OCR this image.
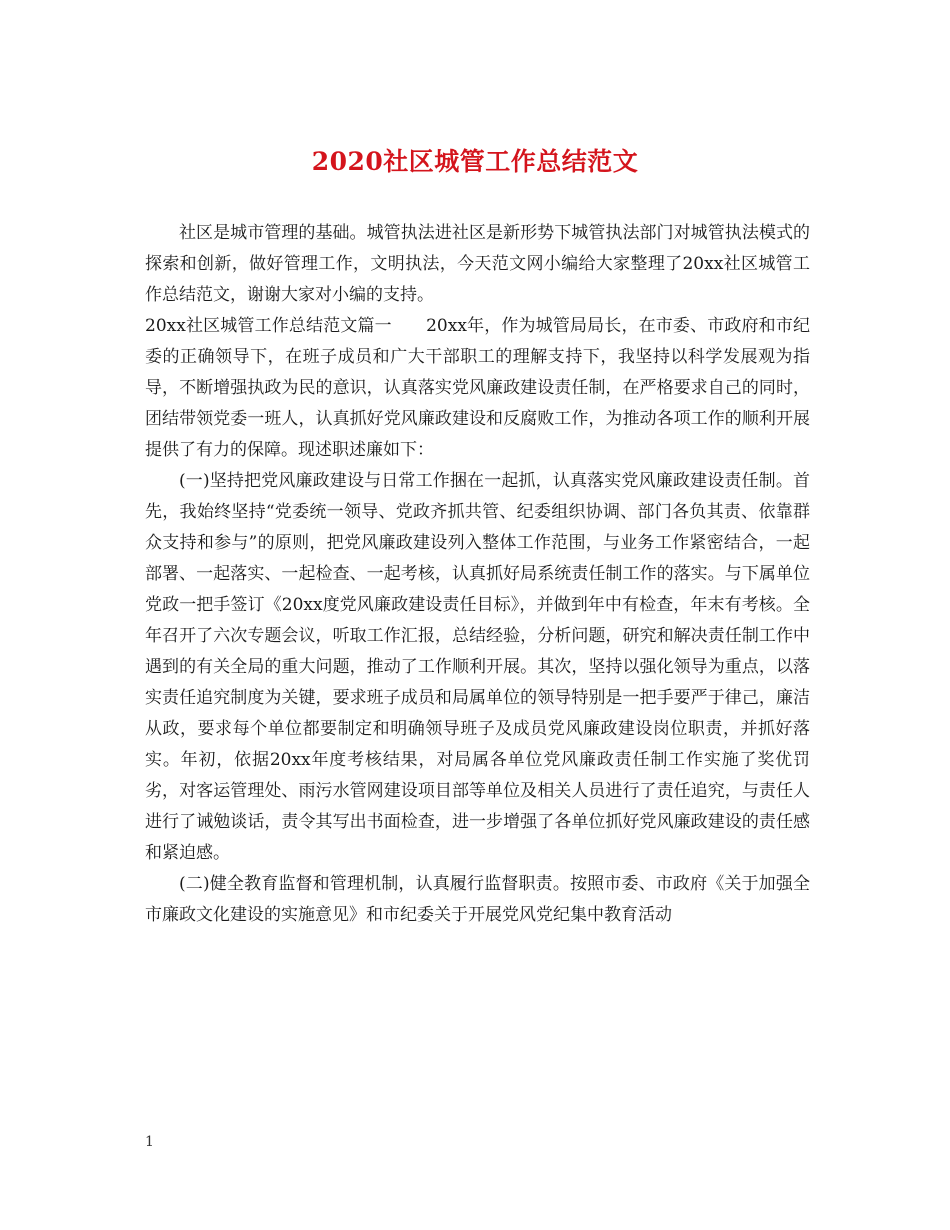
2020社区城管工作总结范文

社区是城市管理的基础。城管执法进社区是新形势下城管执法部门对城管执法模式的探索和创新，做好管理工作，文明执法，今天范文网小编给大家整理了20xx社区城管工作总结范文，谢谢大家对小编的支持。

20xx社区城管工作总结范文篇一　　20xx年，作为城管局局长，在市委、市政府和市纪委的正确领导下，在班子成员和广大干部职工的理解支持下，我坚持以科学发展观为指导，不断增强执政为民的意识，认真落实党风廉政建设责任制，在严格要求自己的同时，团结带领党委一班人，认真抓好党风廉政建设和反腐败工作，为推动各项工作的顺利开展提供了有力的保障。现述职述廉如下：

(一)坚持把党风廉政建设与日常工作捆在一起抓，认真落实党风廉政建设责任制。首先，我始终坚持“党委统一领导、党政齐抓共管、纪委组织协调、部门各负其责、依靠群众支持和参与”的原则，把党风廉政建设列入整体工作范围，与业务工作紧密结合，一起部署、一起落实、一起检查、一起考核，认真抓好局系统责任制工作的落实。与下属单位党政一把手签订《20xx度党风廉政建设责任目标》，并做到年中有检查，年末有考核。全年召开了六次专题会议，听取工作汇报，总结经验，分析问题，研究和解决责任制工作中遇到的有关全局的重大问题，推动了工作顺利开展。其次，坚持以强化领导为重点，以落实责任追究制度为关键，要求班子成员和局属单位的领导特别是一把手要严于律己，廉洁从政，要求每个单位都要制定和明确领导班子及成员党风廉政建设岗位职责，并抓好落实。年初，依据20xx年度考核结果，对局属各单位党风廉政责任制工作实施了奖优罚劣，对客运管理处、雨污水管网建设项目部等单位及相关人员进行了责任追究，与责任人进行了诫勉谈话，责令其写出书面检查，进一步增强了各单位抓好党风廉政建设的责任感和紧迫感。

(二)健全教育监督和管理机制，认真履行监督职责。按照市委、市政府《关于加强全市廉政文化建设的实施意见》和市纪委关于开展党风党纪集中教育活动

1
